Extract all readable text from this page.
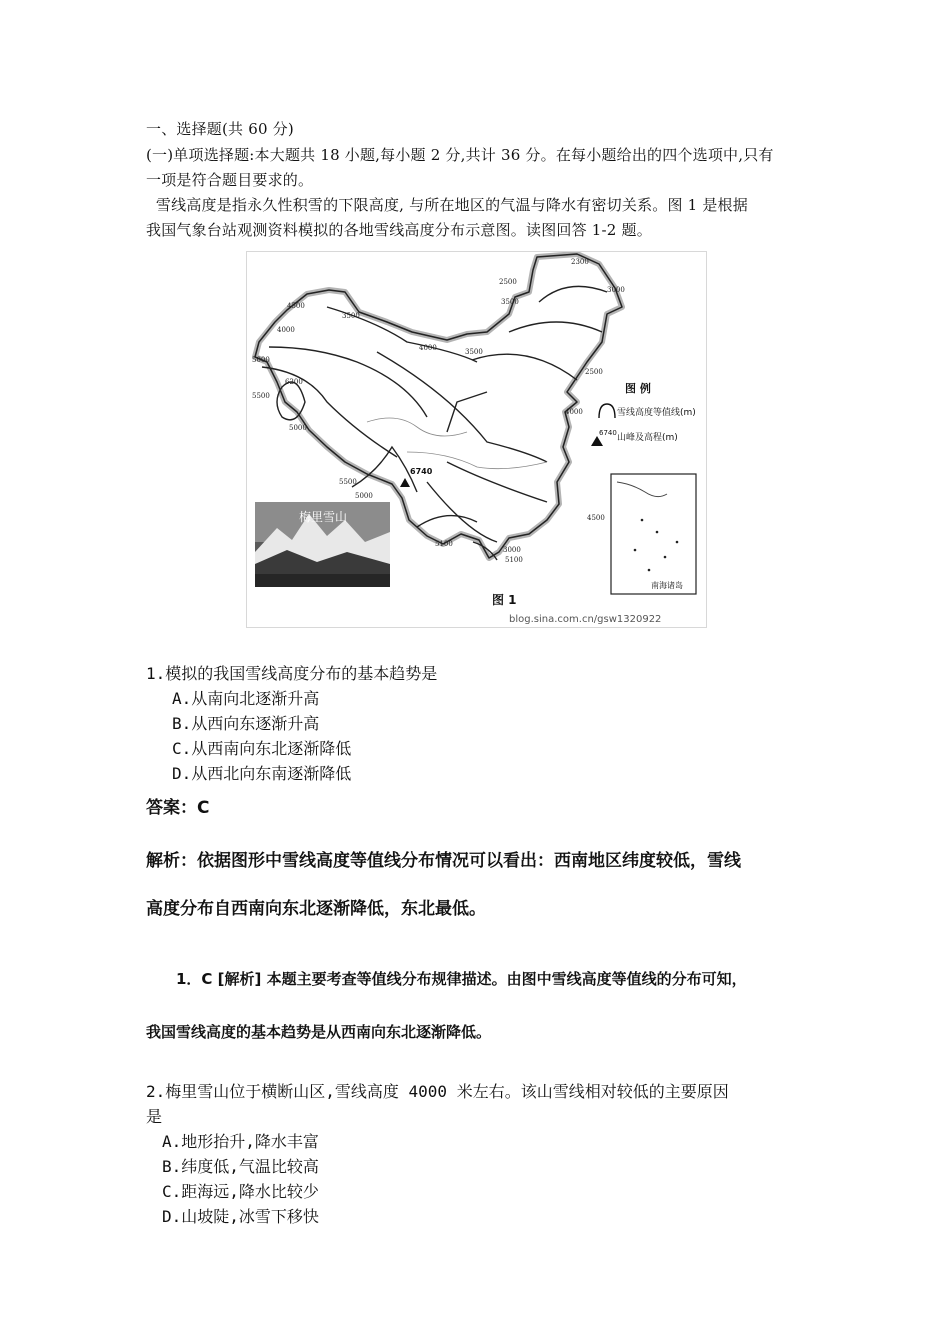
一、选择题(共 60 分)
(一)单项选择题:本大题共 18 小题,每小题 2 分,共计 36 分。在每小题给出的四个选项中,只有
一项是符合题目要求的。
雪线高度是指永久性积雪的下限高度, 与所在地区的气温与降水有密切关系。图 1 是根据
我国气象台站观测资料模拟的各地雪线高度分布示意图。读图回答 1-2 题。
2300
2500
3000
3500
3500
4500
4000
4000
3500
2500
5000
5500
6200
5000
4000
5500
5000
5100
4500
3000
5100
6740
图 例
雪线高度等值线(m)
6740 山峰及高程(m)
南海诸岛
梅里雪山
图 1
blog.sina.com.cn/gsw1320922
1.模拟的我国雪线高度分布的基本趋势是
A.从南向北逐渐升高
B.从西向东逐渐升高
C.从西南向东北逐渐降低
D.从西北向东南逐渐降低
答案：C
解析：依据图形中雪线高度等值线分布情况可以看出：西南地区纬度较低，雪线
高度分布自西南向东北逐渐降低，东北最低。
1．C [解析] 本题主要考查等值线分布规律描述。由图中雪线高度等值线的分布可知，
我国雪线高度的基本趋势是从西南向东北逐渐降低。
2.梅里雪山位于横断山区,雪线高度 4000 米左右。该山雪线相对较低的主要原因
是
A.地形抬升,降水丰富
B.纬度低,气温比较高
C.距海远,降水比较少
D.山坡陡,冰雪下移快
